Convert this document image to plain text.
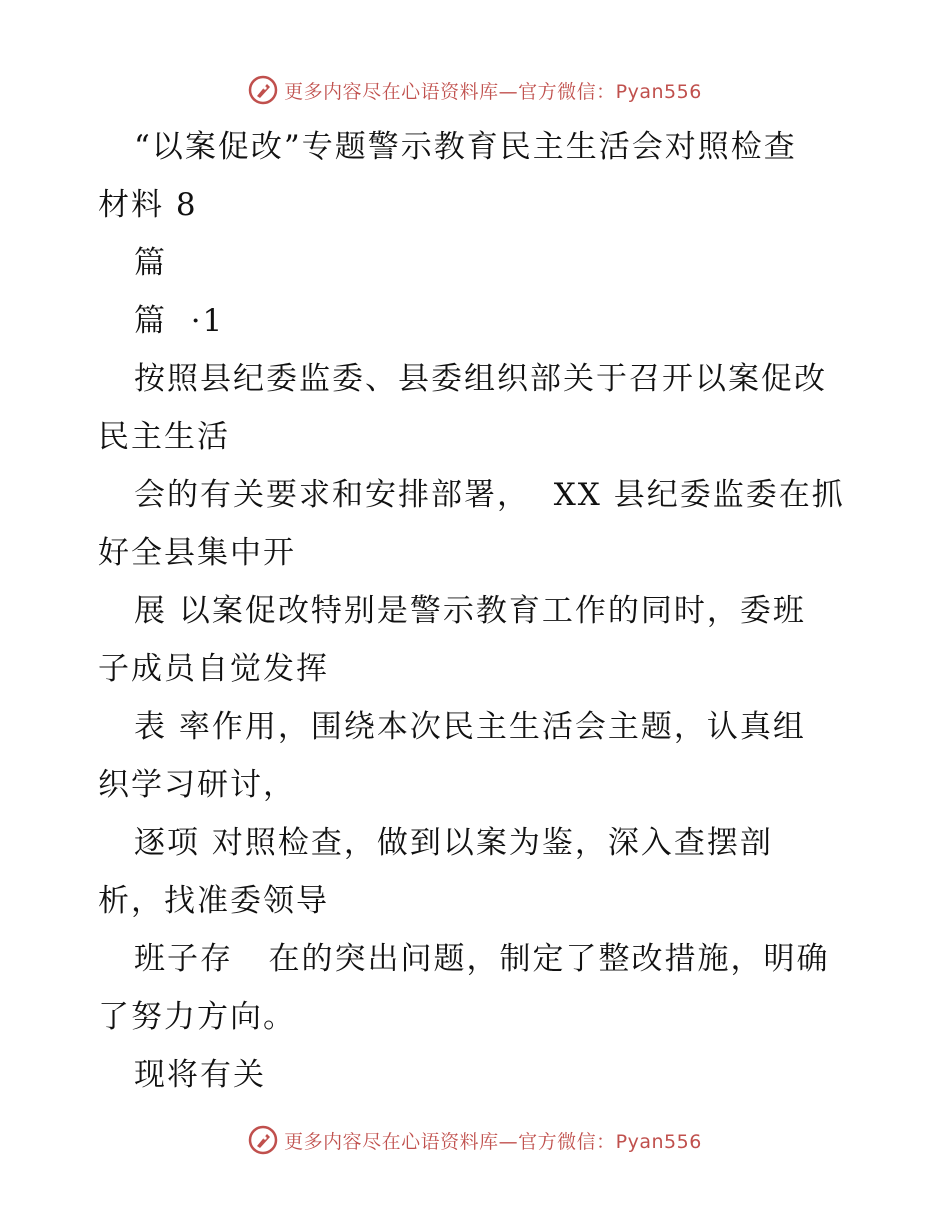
更多内容尽在心语资料库—官方微信：Pyan556
“以案促改”专题警示教育民主生活会对照检查
材料 8
篇
篇  ·1
按照县纪委监委、县委组织部关于召开以案促改
民主生活
会的有关要求和安排部署，  XX 县纪委监委在抓
好全县集中开
展 以案促改特别是警示教育工作的同时，委班
子成员自觉发挥
表 率作用，围绕本次民主生活会主题，认真组
织学习研讨，
逐项 对照检查，做到以案为鉴，深入查摆剖
析，找准委领导
班子存   在的突出问题，制定了整改措施，明确
了努力方向。
现将有关
更多内容尽在心语资料库—官方微信：Pyan556
